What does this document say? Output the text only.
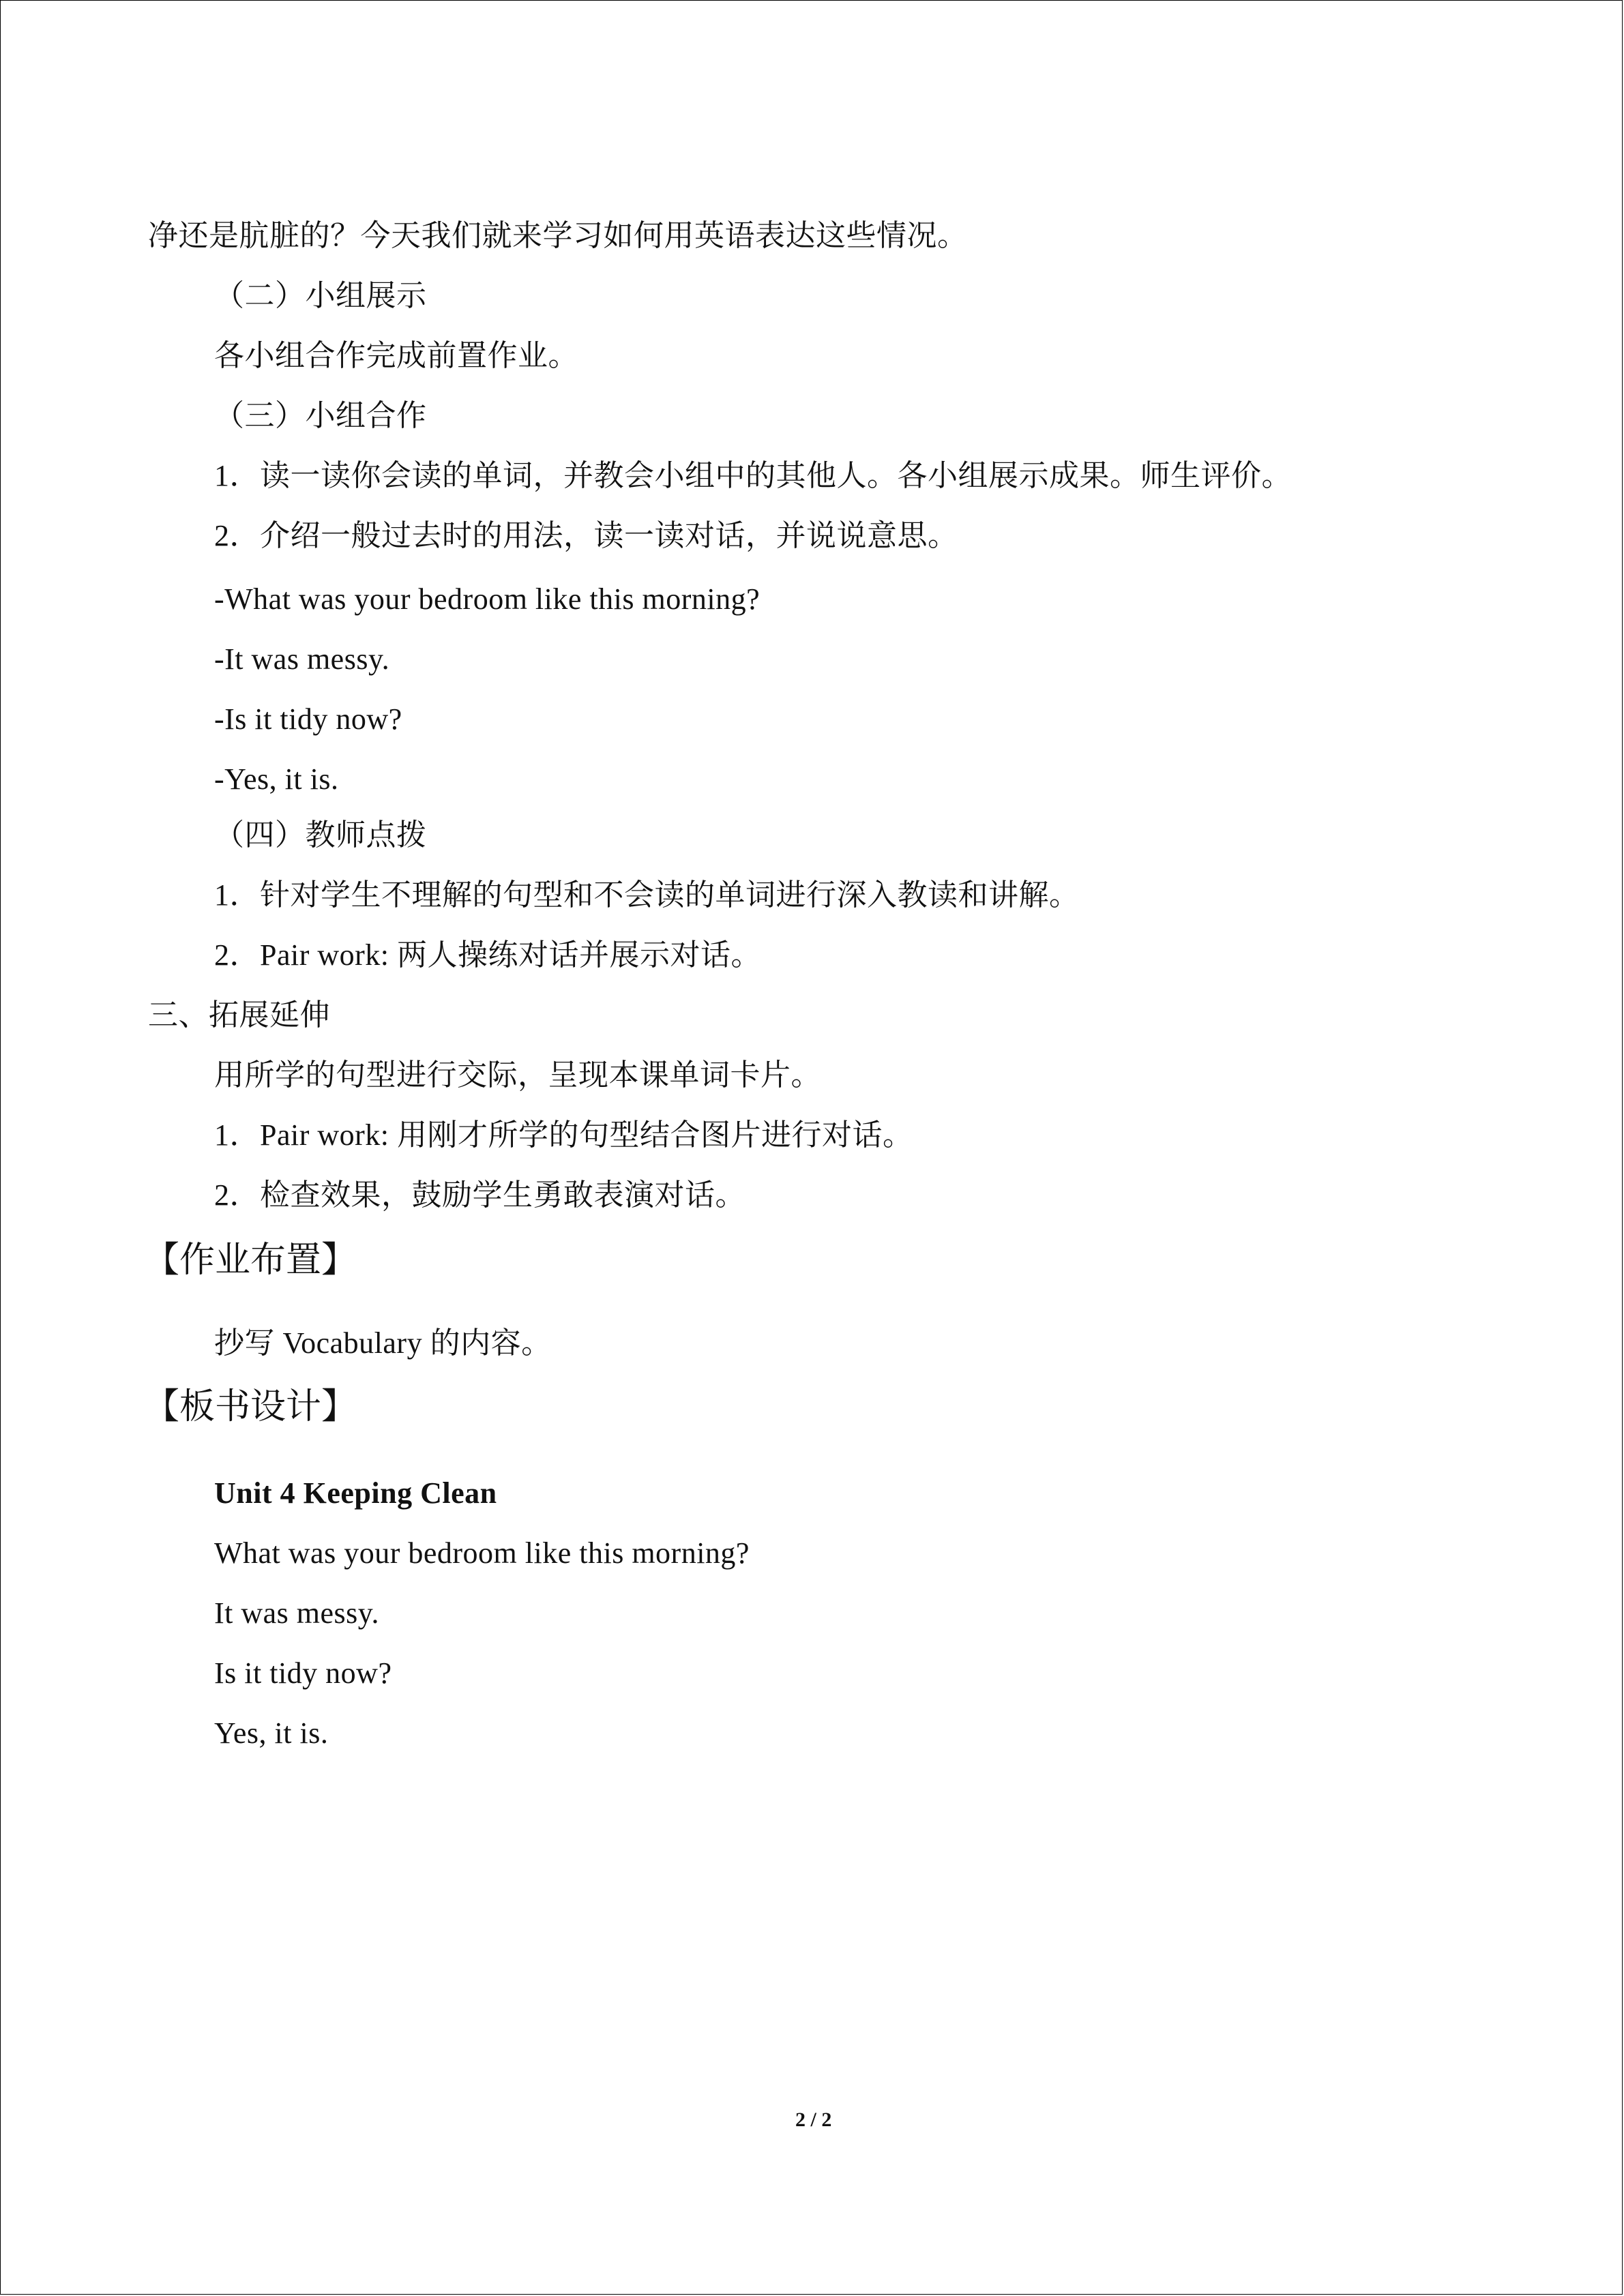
净还是肮脏的？今天我们就来学习如何用英语表达这些情况。
（二）小组展示
各小组合作完成前置作业。
（三）小组合作
1．读一读你会读的单词，并教会小组中的其他人。各小组展示成果。师生评价。
2．介绍一般过去时的用法，读一读对话，并说说意思。
-What was your bedroom like this morning?
-It was messy.
-Is it tidy now?
-Yes, it is.
（四）教师点拨
1．针对学生不理解的句型和不会读的单词进行深入教读和讲解。
2．Pair work: 两人操练对话并展示对话。
三、拓展延伸
用所学的句型进行交际，呈现本课单词卡片。
1．Pair work: 用刚才所学的句型结合图片进行对话。
2．检查效果，鼓励学生勇敢表演对话。
【作业布置】
抄写 Vocabulary 的内容。
【板书设计】
Unit 4 Keeping Clean
What was your bedroom like this morning?
It was messy.
Is it tidy now?
Yes, it is.
2 / 2
